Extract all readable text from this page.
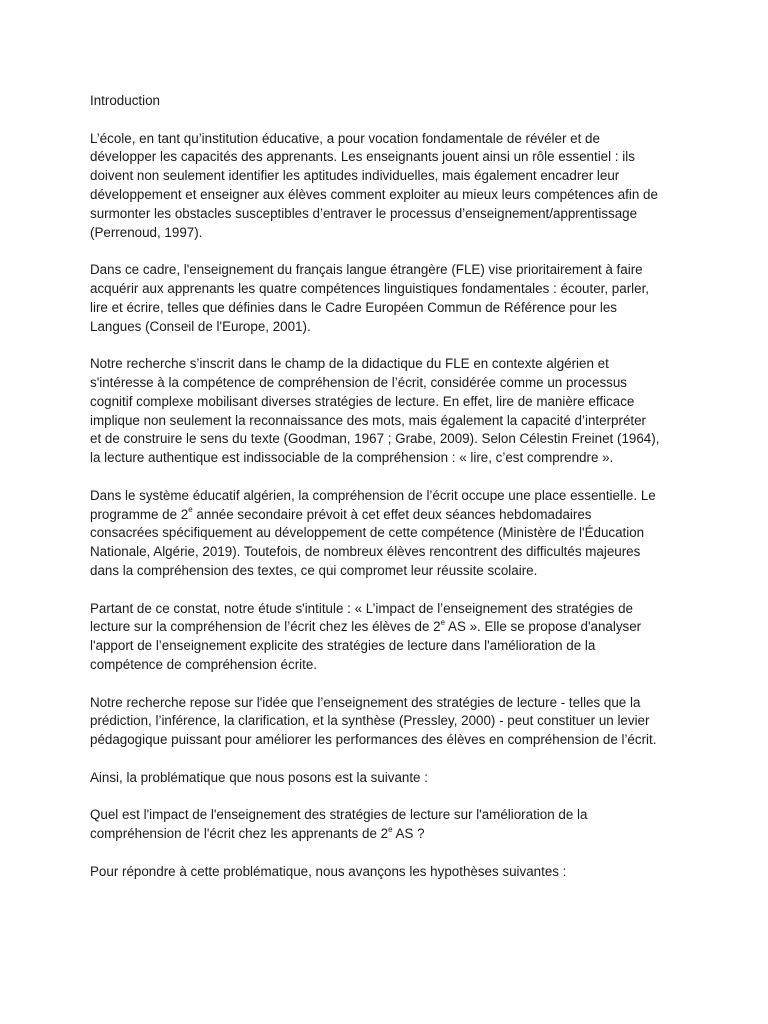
Introduction
L’école, en tant qu’institution éducative, a pour vocation fondamentale de révéler et de
développer les capacités des apprenants. Les enseignants jouent ainsi un rôle essentiel : ils
doivent non seulement identifier les aptitudes individuelles, mais également encadrer leur
développement et enseigner aux élèves comment exploiter au mieux leurs compétences afin de
surmonter les obstacles susceptibles d’entraver le processus d’enseignement/apprentissage
(Perrenoud, 1997).
Dans ce cadre, l'enseignement du français langue étrangère (FLE) vise prioritairement à faire
acquérir aux apprenants les quatre compétences linguistiques fondamentales : écouter, parler,
lire et écrire, telles que définies dans le Cadre Européen Commun de Référence pour les
Langues (Conseil de l'Europe, 2001).
Notre recherche s’inscrit dans le champ de la didactique du FLE en contexte algérien et
s'intéresse à la compétence de compréhension de l’écrit, considérée comme un processus
cognitif complexe mobilisant diverses stratégies de lecture. En effet, lire de manière efficace
implique non seulement la reconnaissance des mots, mais également la capacité d’interpréter
et de construire le sens du texte (Goodman, 1967 ; Grabe, 2009). Selon Célestin Freinet (1964),
la lecture authentique est indissociable de la compréhension : « lire, c’est comprendre ».
Dans le système éducatif algérien, la compréhension de l’écrit occupe une place essentielle. Le
programme de 2e année secondaire prévoit à cet effet deux séances hebdomadaires
consacrées spécifiquement au développement de cette compétence (Ministère de l'Éducation
Nationale, Algérie, 2019). Toutefois, de nombreux élèves rencontrent des difficultés majeures
dans la compréhension des textes, ce qui compromet leur réussite scolaire.
Partant de ce constat, notre étude s'intitule : « L’impact de l’enseignement des stratégies de
lecture sur la compréhension de l’écrit chez les élèves de 2e AS ». Elle se propose d'analyser
l'apport de l’enseignement explicite des stratégies de lecture dans l'amélioration de la
compétence de compréhension écrite.
Notre recherche repose sur l'idée que l’enseignement des stratégies de lecture - telles que la
prédiction, l’inférence, la clarification, et la synthèse (Pressley, 2000) - peut constituer un levier
pédagogique puissant pour améliorer les performances des élèves en compréhension de l’écrit.
Ainsi, la problématique que nous posons est la suivante :
Quel est l'impact de l'enseignement des stratégies de lecture sur l'amélioration de la
compréhension de l'écrit chez les apprenants de 2e AS ?
Pour répondre à cette problématique, nous avançons les hypothèses suivantes :
